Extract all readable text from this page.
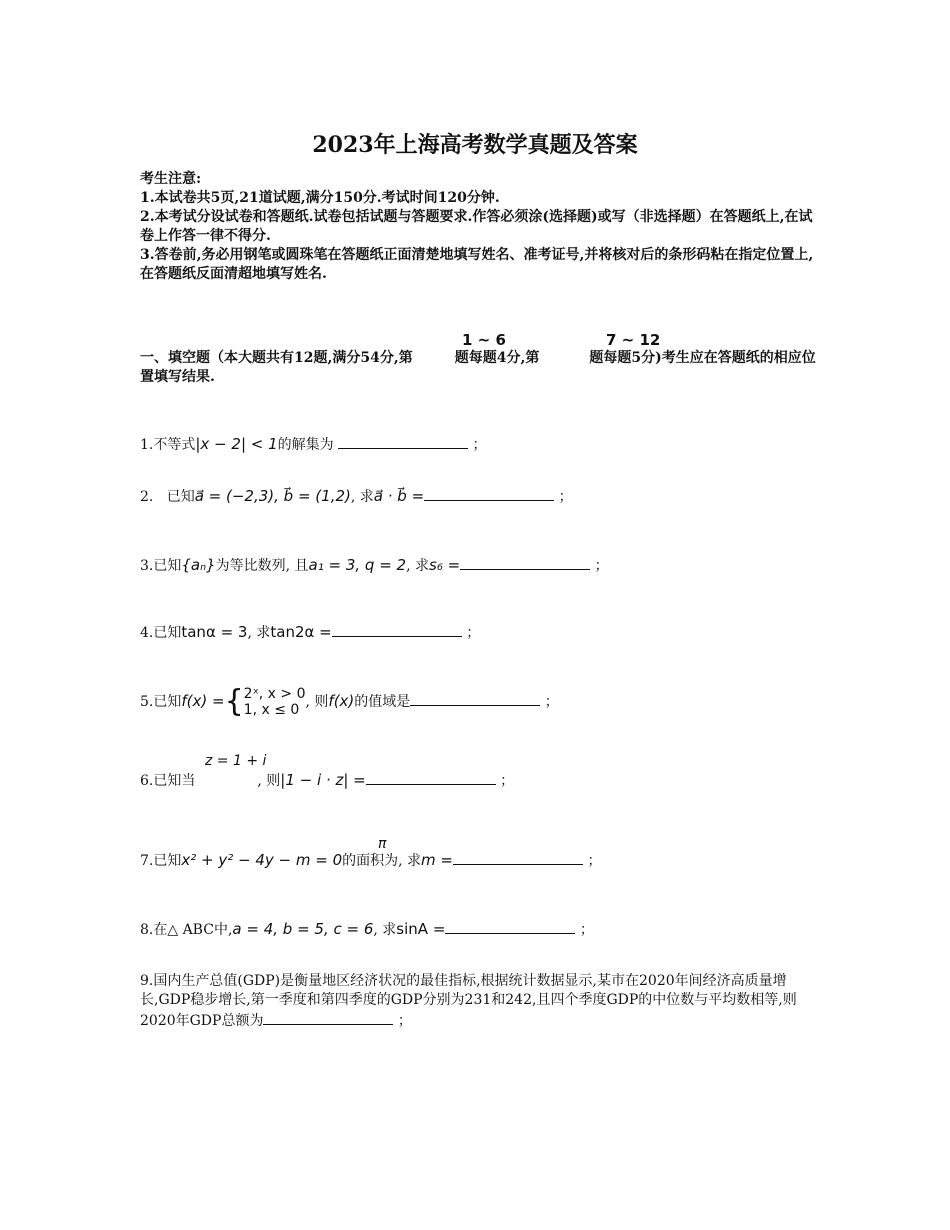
2023年上海高考数学真题及答案
考生注意:
1.本试卷共5页,21道试题,满分150分.考试时间120分钟.
2.本考试分设试卷和答题纸.试卷包括试题与答题要求.作答必须涂(选择题)或写（非选择题）在答题纸上,在试卷上作答一律不得分.
3.答卷前,务必用钢笔或圆珠笔在答题纸正面清楚地填写姓名、准考证号,并将核对后的条形码粘在指定位置上,在答题纸反面清超地填写姓名.
1 ~ 6	7 ~ 12
一、填空题（本大题共有12题,满分54分,第	题每题4分,第	题每题5分)考生应在答题纸的相应位置填写结果.
1.不等式|x − 2| < 1的解集为	；
2. 已知a⃗ = (−2,3), b⃗ = (1,2), 求a⃗ · b⃗ =	；
3.已知{aₙ}为等比数列, 且a₁ = 3, q = 2, 求s₆ =	；
4.已知tanα = 3, 求tan2α =	；
5.已知f(x) ={2ˣ, x > 0
1, x ≤ 0 , 则f(x)的值域是	；
z = 1 + i
6.已知当	, 则|1 − i · z| =	；
π
7.已知x² + y² − 4y − m = 0的面积为, 求m =	；
8.在△ ABC中,a = 4, b = 5, c = 6, 求sinA =	；
9.国内生产总值(GDP)是衡量地区经济状况的最佳指标,根据统计数据显示,某市在2020年间经济高质量增长,GDP稳步增长,第一季度和第四季度的GDP分别为231和242,且四个季度GDP的中位数与平均数相等,则2020年GDP总额为	；
